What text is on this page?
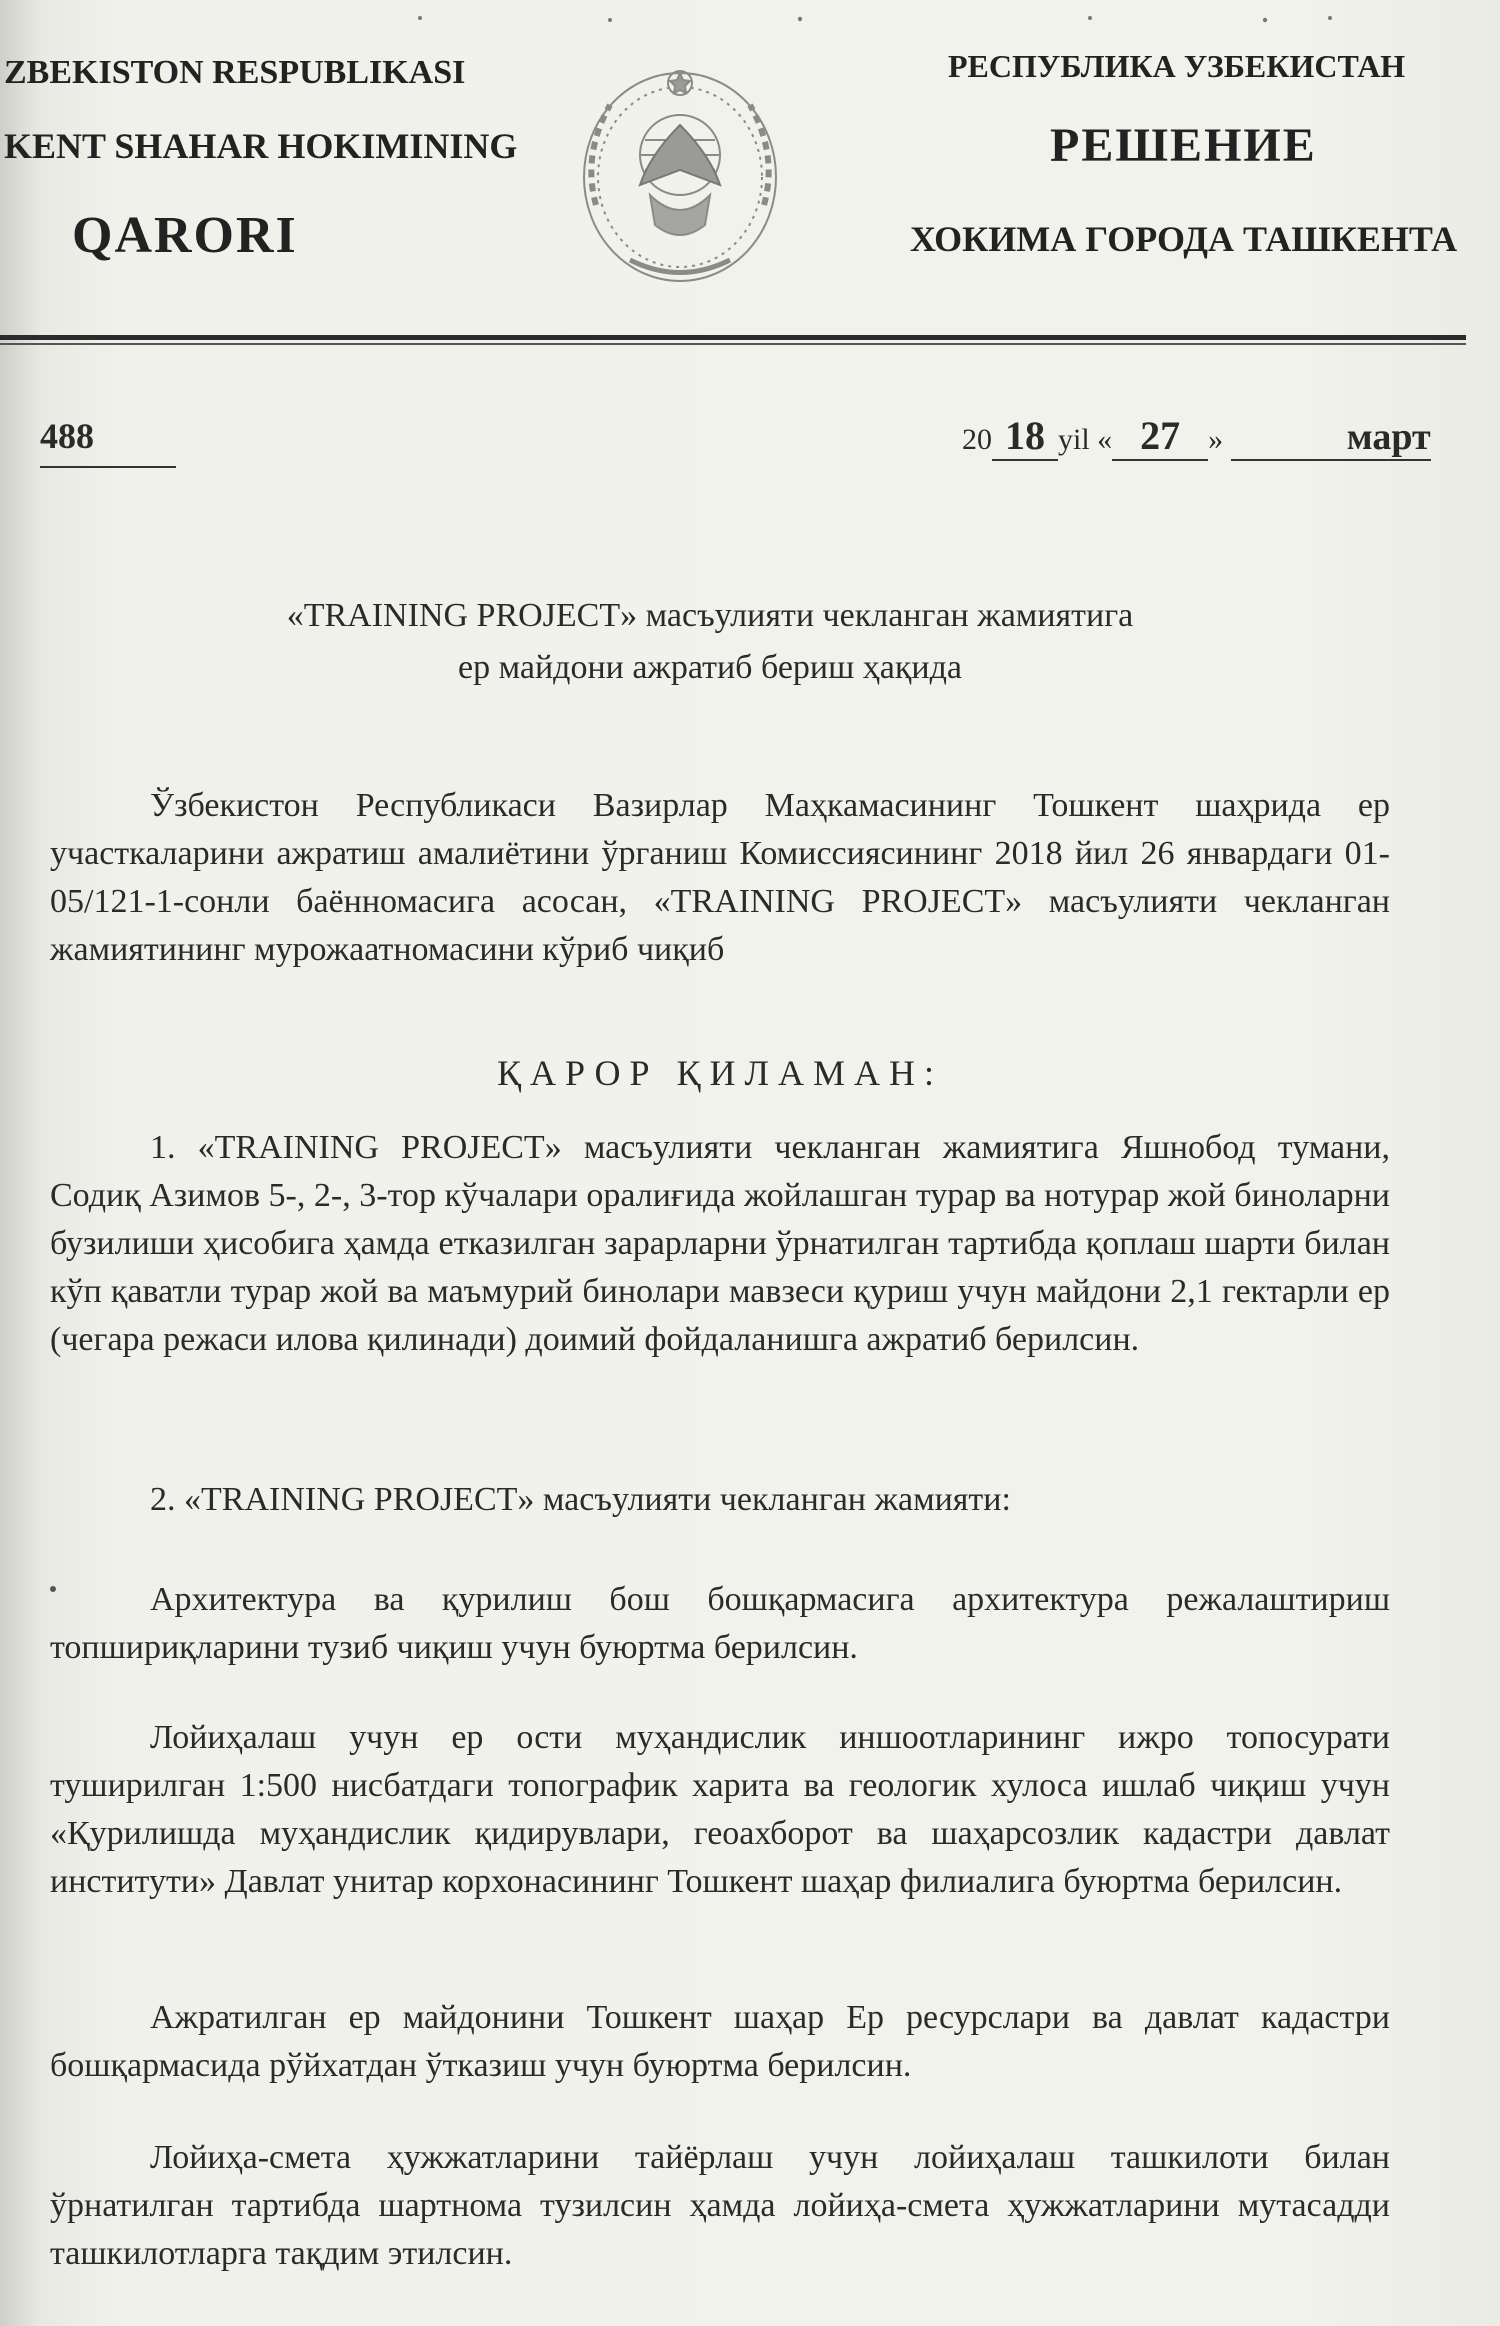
ZBEKISTON RESPUBLIKASI
KENT SHAHAR HOKIMINING
QARORI
РЕСПУБЛИКА УЗБЕКИСТАН
РЕШЕНИЕ
ХОКИМА ГОРОДА ТАШКЕНТА
488	20 18 yil « 27 »	март
«TRAINING PROJECT» масъулияти чекланган жамиятига
ер майдони ажратиб бериш ҳақида

Ўзбекистон Республикаси Вазирлар Маҳкамасининг Тошкент шаҳрида ер участкаларини ажратиш амалиётини ўрганиш Комиссиясининг 2018 йил 26 январдаги 01-05/121-1-сонли баённомасига асосан, «TRAINING PROJECT» масъулияти чекланган жамиятининг мурожаатномасини кўриб чиқиб

ҚАРОР ҚИЛАМАН:

1. «TRAINING PROJECT» масъулияти чекланган жамиятига Яшнобод тумани, Содиқ Азимов 5-, 2-, 3-тор кўчалари оралиғида жойлашган турар ва нотурар жой биноларни бузилиши ҳисобига ҳамда етказилган зарарларни ўрнатилган тартибда қоплаш шарти билан кўп қаватли турар жой ва маъмурий бинолари мавзеси қуриш учун майдони 2,1 гектарли ер (чегара режаси илова қилинади) доимий фойдаланишга ажратиб берилсин.

2. «TRAINING PROJECT» масъулияти чекланган жамияти:

Архитектура ва қурилиш бош бошқармасига архитектура режалаштириш топшириқларини тузиб чиқиш учун буюртма берилсин.

Лойиҳалаш учун ер ости муҳандислик иншоотларининг ижро топосурати туширилган 1:500 нисбатдаги топографик харита ва геологик хулоса ишлаб чиқиш учун «Қурилишда муҳандислик қидирувлари, геоахборот ва шаҳарсозлик кадастри давлат институти» Давлат унитар корхонасининг Тошкент шаҳар филиалига буюртма берилсин.

Ажратилган ер майдонини Тошкент шаҳар Ер ресурслари ва давлат кадастри бошқармасида рўйхатдан ўтказиш учун буюртма берилсин.

Лойиҳа-смета ҳужжатларини тайёрлаш учун лойиҳалаш ташкилоти билан ўрнатилган тартибда шартнома тузилсин ҳамда лойиҳа-смета ҳужжатларини мутасадди ташкилотларга тақдим этилсин.
